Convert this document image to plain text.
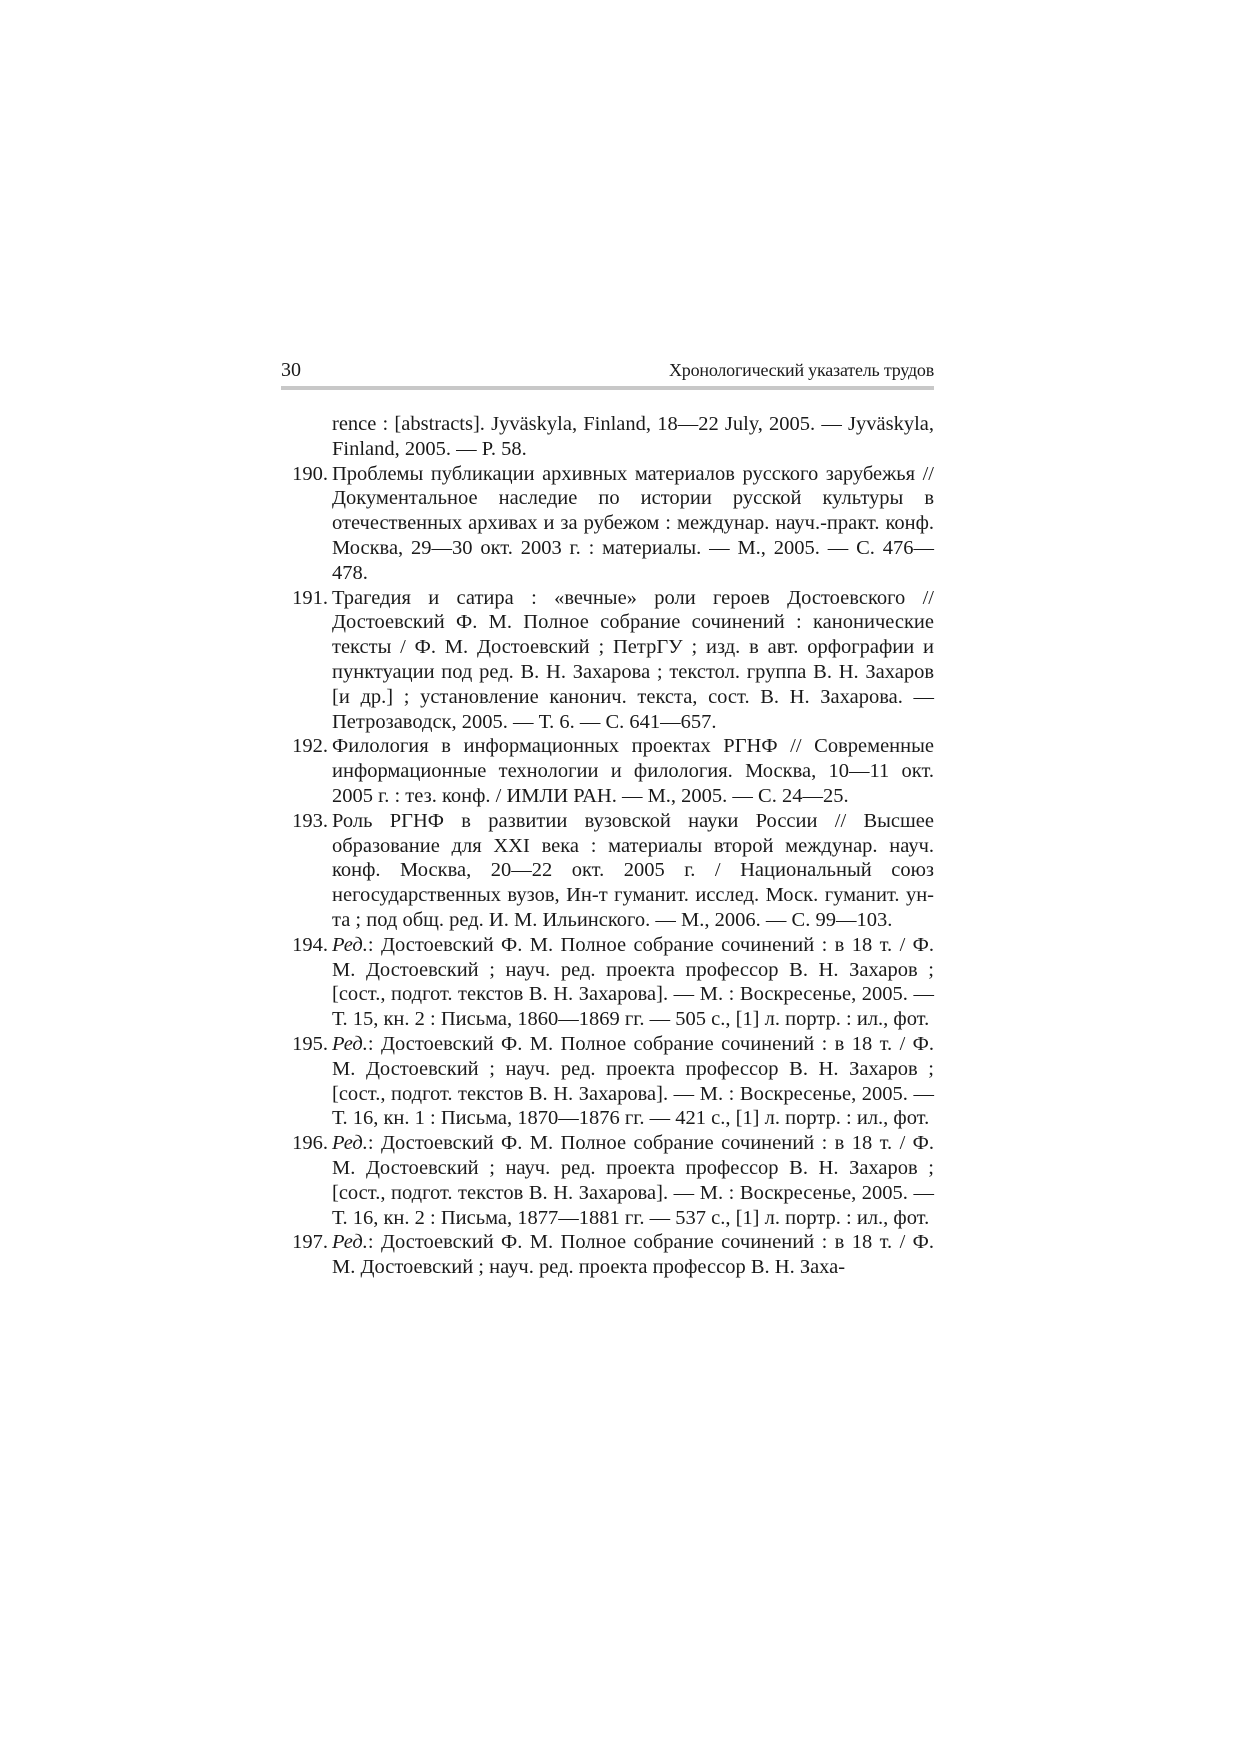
30	Хронологический указатель трудов
rence : [abstracts]. Jyväskyla, Finland, 18—22 July, 2005. — Jyväskyla, Finland, 2005. — P. 58.
190. Проблемы публикации архивных материалов русского зарубежья // Документальное наследие по истории русской культуры в отечественных архивах и за рубежом : междунар. науч.-практ. конф. Москва, 29—30 окт. 2003 г. : материалы. — М., 2005. — С. 476—478.
191. Трагедия и сатира : «вечные» роли героев Достоевского // Достоевский Ф. М. Полное собрание сочинений : канонические тексты / Ф. М. Достоевский ; ПетрГУ ; изд. в авт. орфографии и пунктуации под ред. В. Н. Захарова ; текстол. группа В. Н. Захаров [и др.] ; установление канонич. текста, сост. В. Н. Захарова. — Петрозаводск, 2005. — Т. 6. — С. 641—657.
192. Филология в информационных проектах РГНФ // Современные информационные технологии и филология. Москва, 10—11 окт. 2005 г. : тез. конф. / ИМЛИ РАН. — М., 2005. — С. 24—25.
193. Роль РГНФ в развитии вузовской науки России // Высшее образование для XXI века : материалы второй междунар. науч. конф. Москва, 20—22 окт. 2005 г. / Национальный союз негосударственных вузов, Ин-т гуманит. исслед. Моск. гуманит. ун-та ; под общ. ред. И. М. Ильинского. — М., 2006. — С. 99—103.
194. Ред.: Достоевский Ф. М. Полное собрание сочинений : в 18 т. / Ф. М. Достоевский ; науч. ред. проекта профессор В. Н. Захаров ; [сост., подгот. текстов В. Н. Захарова]. — М. : Воскресенье, 2005. — Т. 15, кн. 2 : Письма, 1860—1869 гг. — 505 с., [1] л. портр. : ил., фот.
195. Ред.: Достоевский Ф. М. Полное собрание сочинений : в 18 т. / Ф. М. Достоевский ; науч. ред. проекта профессор В. Н. Захаров ; [сост., подгот. текстов В. Н. Захарова]. — М. : Воскресенье, 2005. — Т. 16, кн. 1 : Письма, 1870—1876 гг. — 421 с., [1] л. портр. : ил., фот.
196. Ред.: Достоевский Ф. М. Полное собрание сочинений : в 18 т. / Ф. М. Достоевский ; науч. ред. проекта профессор В. Н. Захаров ; [сост., подгот. текстов В. Н. Захарова]. — М. : Воскресенье, 2005. — Т. 16, кн. 2 : Письма, 1877—1881 гг. — 537 с., [1] л. портр. : ил., фот.
197. Ред.: Достоевский Ф. М. Полное собрание сочинений : в 18 т. / Ф. М. Достоевский ; науч. ред. проекта профессор В. Н. Заха-
